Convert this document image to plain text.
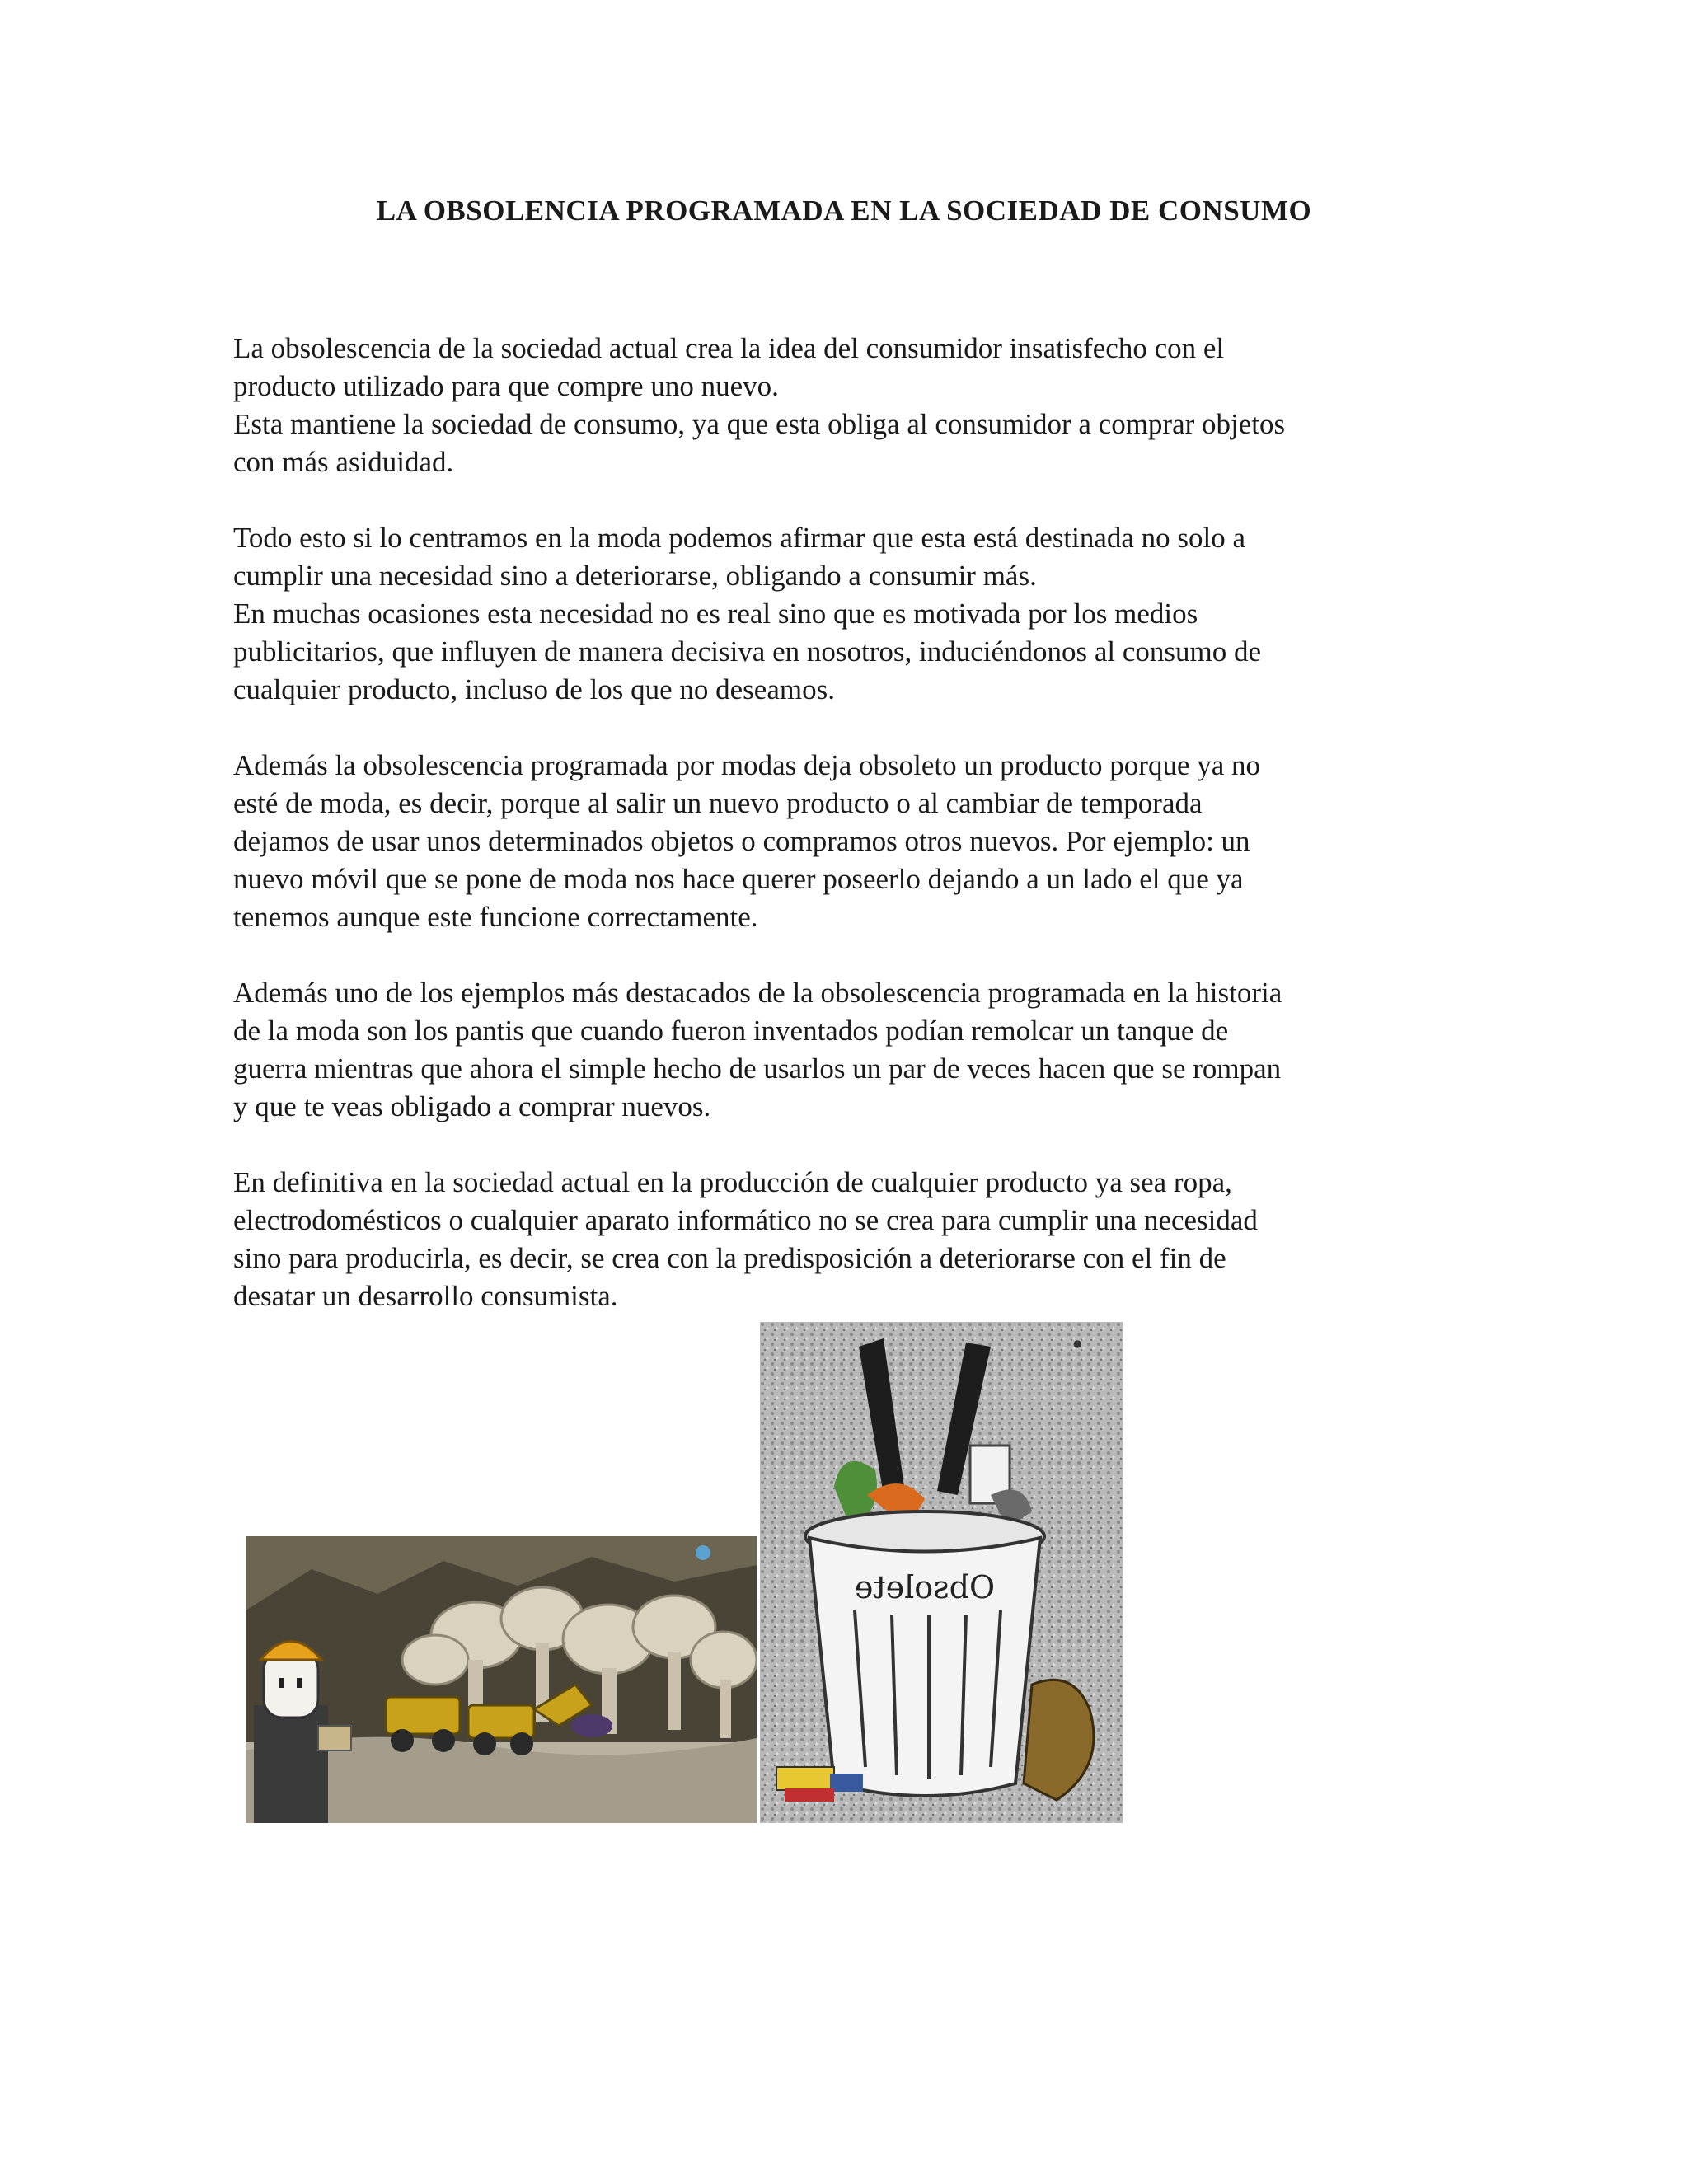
LA OBSOLENCIA PROGRAMADA EN LA SOCIEDAD DE CONSUMO
La obsolescencia de la sociedad actual crea la idea del consumidor insatisfecho con el
producto utilizado para que compre uno nuevo.
Esta mantiene la sociedad de consumo, ya que esta obliga al consumidor a comprar objetos
con más asiduidad.
Todo esto si lo centramos en la moda podemos afirmar que esta está destinada no solo a
cumplir una necesidad sino a deteriorarse, obligando a consumir más.
En muchas ocasiones esta necesidad no es real sino que es motivada por los medios
publicitarios, que influyen de manera decisiva en nosotros, induciéndonos al consumo de
cualquier producto, incluso de los que no deseamos.
Además la obsolescencia programada por modas deja obsoleto un producto porque ya no
esté de moda, es decir, porque al salir un nuevo producto o al cambiar de temporada
dejamos de usar unos determinados objetos o compramos otros nuevos. Por ejemplo: un
nuevo móvil que se pone de moda nos hace querer poseerlo dejando a un lado el que ya
tenemos aunque este funcione correctamente.
Además uno de los ejemplos más destacados de la obsolescencia programada en la historia
de la moda son los pantis que cuando fueron inventados podían remolcar un tanque de
guerra mientras que ahora el simple hecho de usarlos un par de veces hacen que se rompan
y que te veas obligado a comprar nuevos.
En definitiva en la sociedad actual en la producción de cualquier producto ya sea ropa,
electrodomésticos o cualquier aparato informático no se crea para cumplir una necesidad
sino para producirla, es decir, se crea con la predisposición a deteriorarse con el fin de
desatar un desarrollo consumista.
Obsolete
●
